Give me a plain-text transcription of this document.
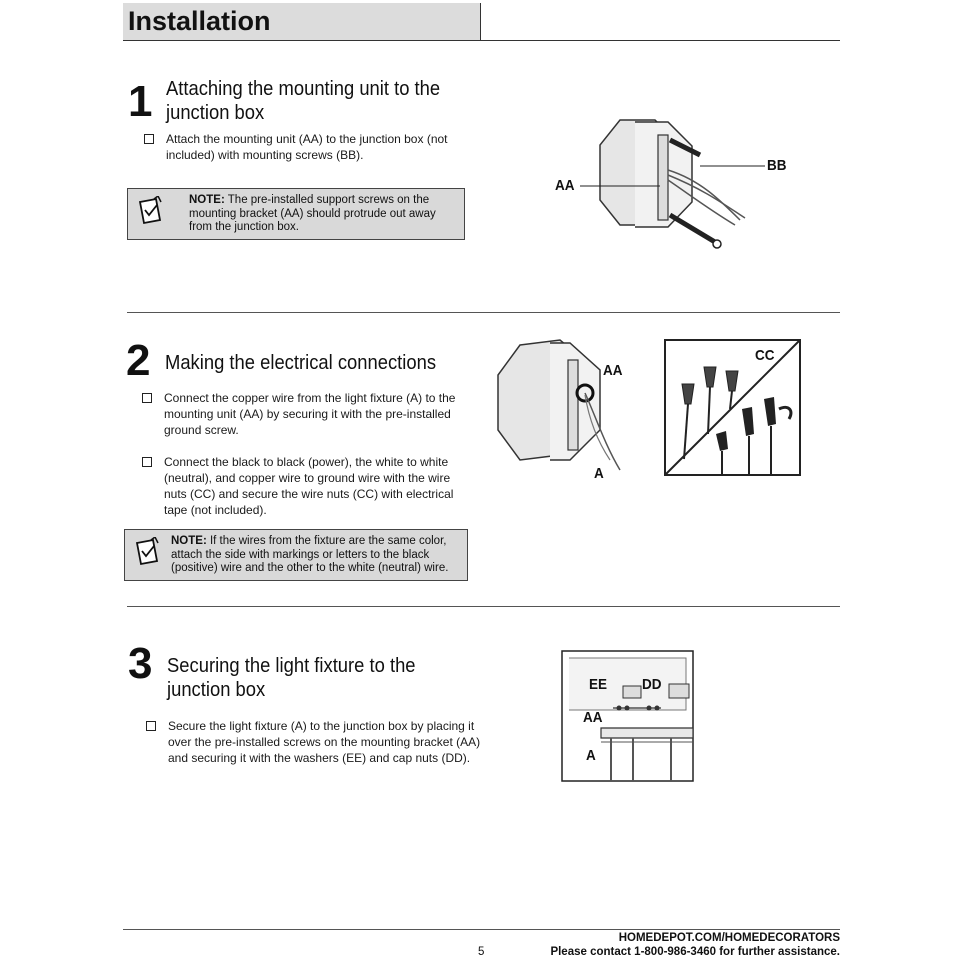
Installation
1 Attaching the mounting unit to the
junction box
Attach the mounting unit (AA) to the junction box (not
included) with mounting screws (BB).
NOTE: The pre-installed support screws on the
mounting bracket (AA) should protrude out away
from the junction box.
AA
BB
2 Making the electrical connections
Connect the copper wire from the light fixture (A) to the
mounting unit (AA) by securing it with the pre-installed
ground screw.
Connect the black to black (power), the white to white
(neutral), and copper wire to ground wire with the wire
nuts (CC) and secure the wire nuts (CC) with electrical
tape (not included).
NOTE: If the wires from the fixture are the same color,
attach the side with markings or letters to the black
(positive) wire and the other to the white (neutral) wire.
AA
A
CC
3 Securing the light fixture to the
junction box
Secure the light fixture (A) to the junction box by placing it
over the pre-installed screws on the mounting bracket (AA)
and securing it with the washers (EE) and cap nuts (DD).
EE DD
AA
A
HOMEDEPOT.COM/HOMEDECORATORS
5	Please contact 1-800-986-3460 for further assistance.
